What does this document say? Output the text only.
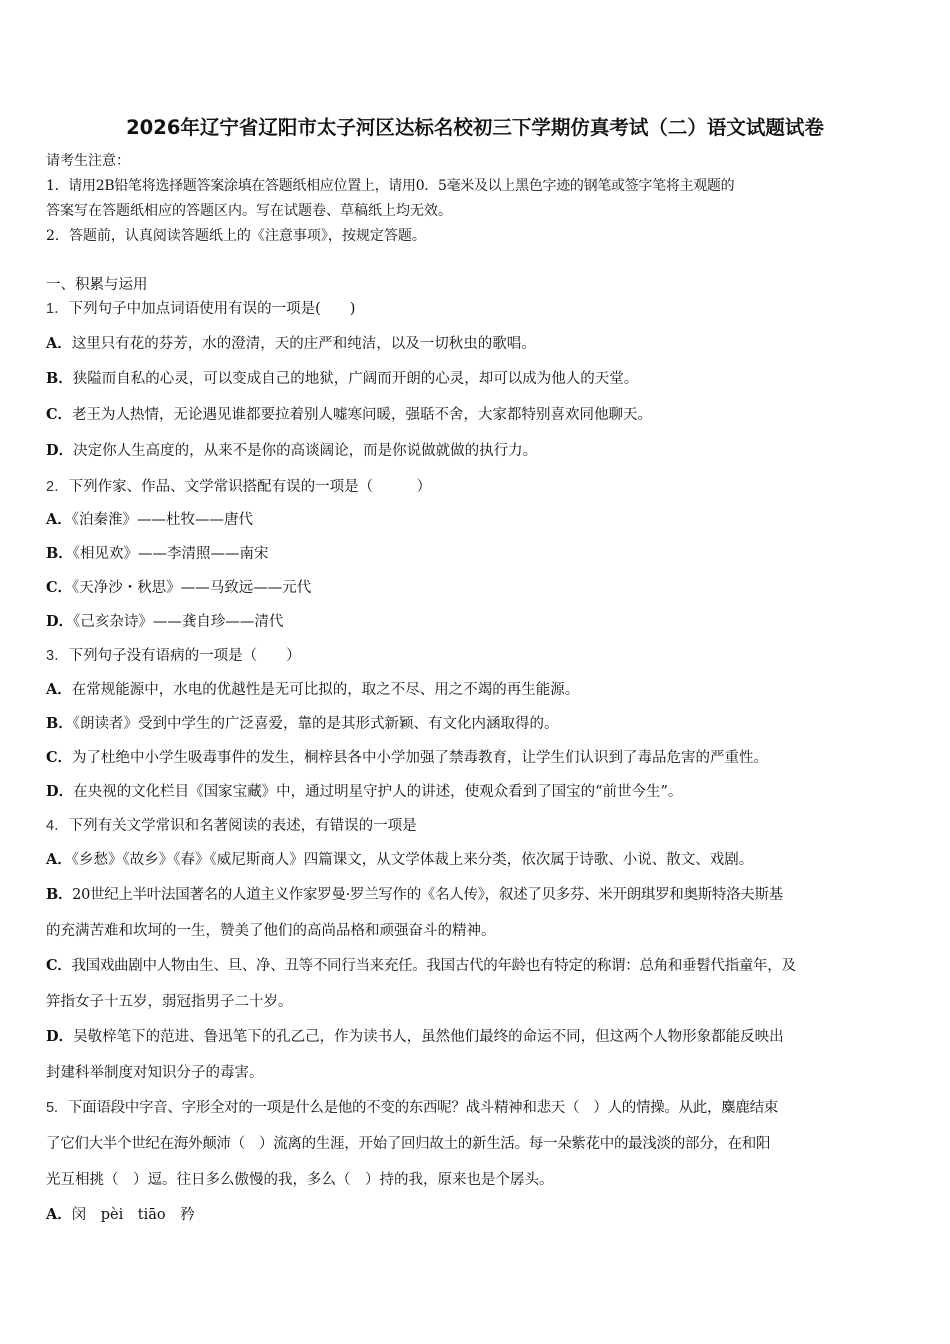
2026年辽宁省辽阳市太子河区达标名校初三下学期仿真考试（二）语文试题试卷
请考生注意：
1．请用2B铅笔将选择题答案涂填在答题纸相应位置上，请用0．5毫米及以上黑色字迹的钢笔或签字笔将主观题的
答案写在答题纸相应的答题区内。写在试题卷、草稿纸上均无效。
2．答题前，认真阅读答题纸上的《注意事项》，按规定答题。
一、积累与运用
1．下列句子中加点词语使用有误的一项是(　　)
A．这里只有花的芬芳，水的澄清，天的庄严和纯洁，以及一切秋虫的歌唱。
B．狭隘而自私的心灵，可以变成自己的地狱，广阔而开朗的心灵，却可以成为他人的天堂。
C．老王为人热情，无论遇见谁都要拉着别人嘘寒问暖，强聒不舍，大家都特别喜欢同他聊天。
D．决定你人生高度的，从来不是你的高谈阔论，而是你说做就做的执行力。
2．下列作家、作品、文学常识搭配有误的一项是（　　　）
A．《泊秦淮》——杜牧——唐代
B．《相见欢》——李清照——南宋
C．《天净沙・秋思》——马致远——元代
D．《己亥杂诗》——龚自珍——清代
3．下列句子没有语病的一项是（　　）
A．在常规能源中，水电的优越性是无可比拟的，取之不尽、用之不竭的再生能源。
B．《朗读者》受到中学生的广泛喜爱，靠的是其形式新颖、有文化内涵取得的。
C．为了杜绝中小学生吸毒事件的发生，桐梓县各中小学加强了禁毒教育，让学生们认识到了毒品危害的严重性。
D．在央视的文化栏目《国家宝藏》中，通过明星守护人的讲述，使观众看到了国宝的“前世今生”。
4．下列有关文学常识和名著阅读的表述，有错误的一项是
A．《乡愁》《故乡》《春》《威尼斯商人》四篇课文，从文学体裁上来分类，依次属于诗歌、小说、散文、戏剧。
B．20世纪上半叶法国著名的人道主义作家罗曼·罗兰写作的《名人传》，叙述了贝多芬、米开朗琪罗和奥斯特洛夫斯基
的充满苦难和坎坷的一生，赞美了他们的高尚品格和顽强奋斗的精神。
C．我国戏曲剧中人物由生、旦、净、丑等不同行当来充任。我国古代的年龄也有特定的称谓：总角和垂髫代指童年，及
笄指女子十五岁，弱冠指男子二十岁。
D．吴敬梓笔下的范进、鲁迅笔下的孔乙己，作为读书人，虽然他们最终的命运不同，但这两个人物形象都能反映出
封建科举制度对知识分子的毒害。
5．下面语段中字音、字形全对的一项是什么是他的不变的东西呢？战斗精神和悲天（　）人的情操。从此，麋鹿结束
了它们大半个世纪在海外颠沛（　）流离的生涯，开始了回归故土的新生活。每一朵紫花中的最浅淡的部分，在和阳
光互相挑（　）逗。往日多么傲慢的我，多么（　）持的我，原来也是个孱头。
A．闵　pèi　tiāo　矜
